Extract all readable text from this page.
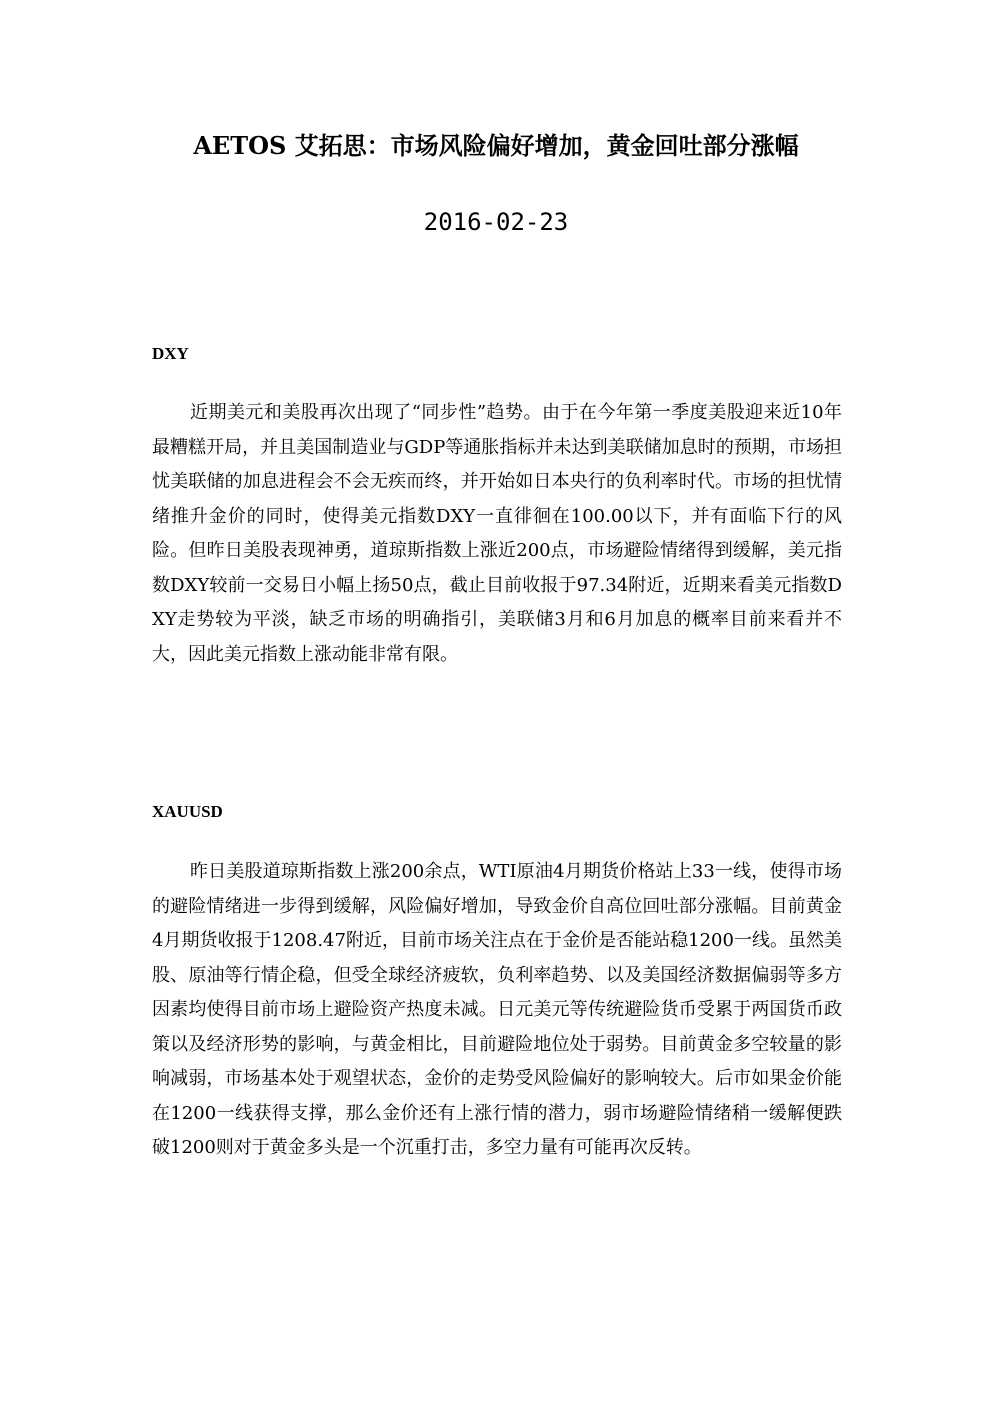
AETOS 艾拓思：市场风险偏好增加，黄金回吐部分涨幅
2016-02-23
DXY

近期美元和美股再次出现了“同步性”趋势。由于在今年第一季度美股迎来近10年最糟糕开局，并且美国制造业与GDP等通胀指标并未达到美联储加息时的预期，市场担忧美联储的加息进程会不会无疾而终，并开始如日本央行的负利率时代。市场的担忧情绪推升金价的同时，使得美元指数DXY一直徘徊在100.00以下，并有面临下行的风险。但昨日美股表现神勇，道琼斯指数上涨近200点，市场避险情绪得到缓解，美元指数DXY较前一交易日小幅上扬50点，截止目前收报于97.34附近，近期来看美元指数DXY走势较为平淡，缺乏市场的明确指引，美联储3月和6月加息的概率目前来看并不大，因此美元指数上涨动能非常有限。

XAUUSD

昨日美股道琼斯指数上涨200余点，WTI原油4月期货价格站上33一线，使得市场的避险情绪进一步得到缓解，风险偏好增加，导致金价自高位回吐部分涨幅。目前黄金4月期货收报于1208.47附近，目前市场关注点在于金价是否能站稳1200一线。虽然美股、原油等行情企稳，但受全球经济疲软，负利率趋势、以及美国经济数据偏弱等多方因素均使得目前市场上避险资产热度未减。日元美元等传统避险货币受累于两国货币政策以及经济形势的影响，与黄金相比，目前避险地位处于弱势。目前黄金多空较量的影响减弱，市场基本处于观望状态，金价的走势受风险偏好的影响较大。后市如果金价能在1200一线获得支撑，那么金价还有上涨行情的潜力，弱市场避险情绪稍一缓解便跌破1200则对于黄金多头是一个沉重打击，多空力量有可能再次反转。
